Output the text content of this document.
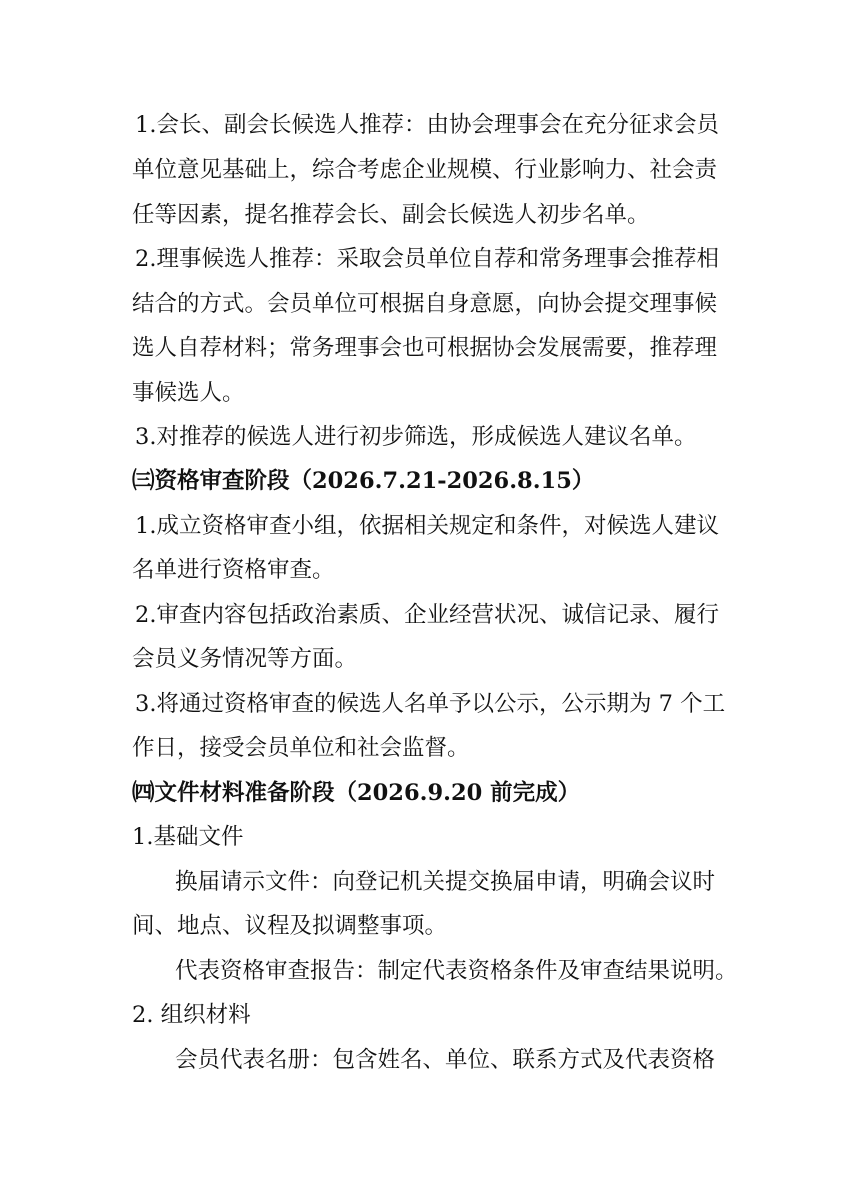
1.会长、副会长候选人推荐：由协会理事会在充分征求会员

单位意见基础上，综合考虑企业规模、行业影响力、社会责

任等因素，提名推荐会长、副会长候选人初步名单。

2.理事候选人推荐：采取会员单位自荐和常务理事会推荐相

结合的方式。会员单位可根据自身意愿，向协会提交理事候

选人自荐材料；常务理事会也可根据协会发展需要，推荐理

事候选人。

3.对推荐的候选人进行初步筛选，形成候选人建议名单。

㈢资格审查阶段（2026.7.21-2026.8.15）

1.成立资格审查小组，依据相关规定和条件，对候选人建议

名单进行资格审查。

2.审查内容包括政治素质、企业经营状况、诚信记录、履行

会员义务情况等方面。

3.将通过资格审查的候选人名单予以公示，公示期为 7 个工

作日，接受会员单位和社会监督。

㈣文件材料准备阶段（2026.9.20 前完成）

1.基础文件

换届请示文件：向登记机关提交换届申请，明确会议时

间、地点、议程及拟调整事项。

代表资格审查报告：制定代表资格条件及审查结果说明。

2. 组织材料

会员代表名册：包含姓名、单位、联系方式及代表资格
